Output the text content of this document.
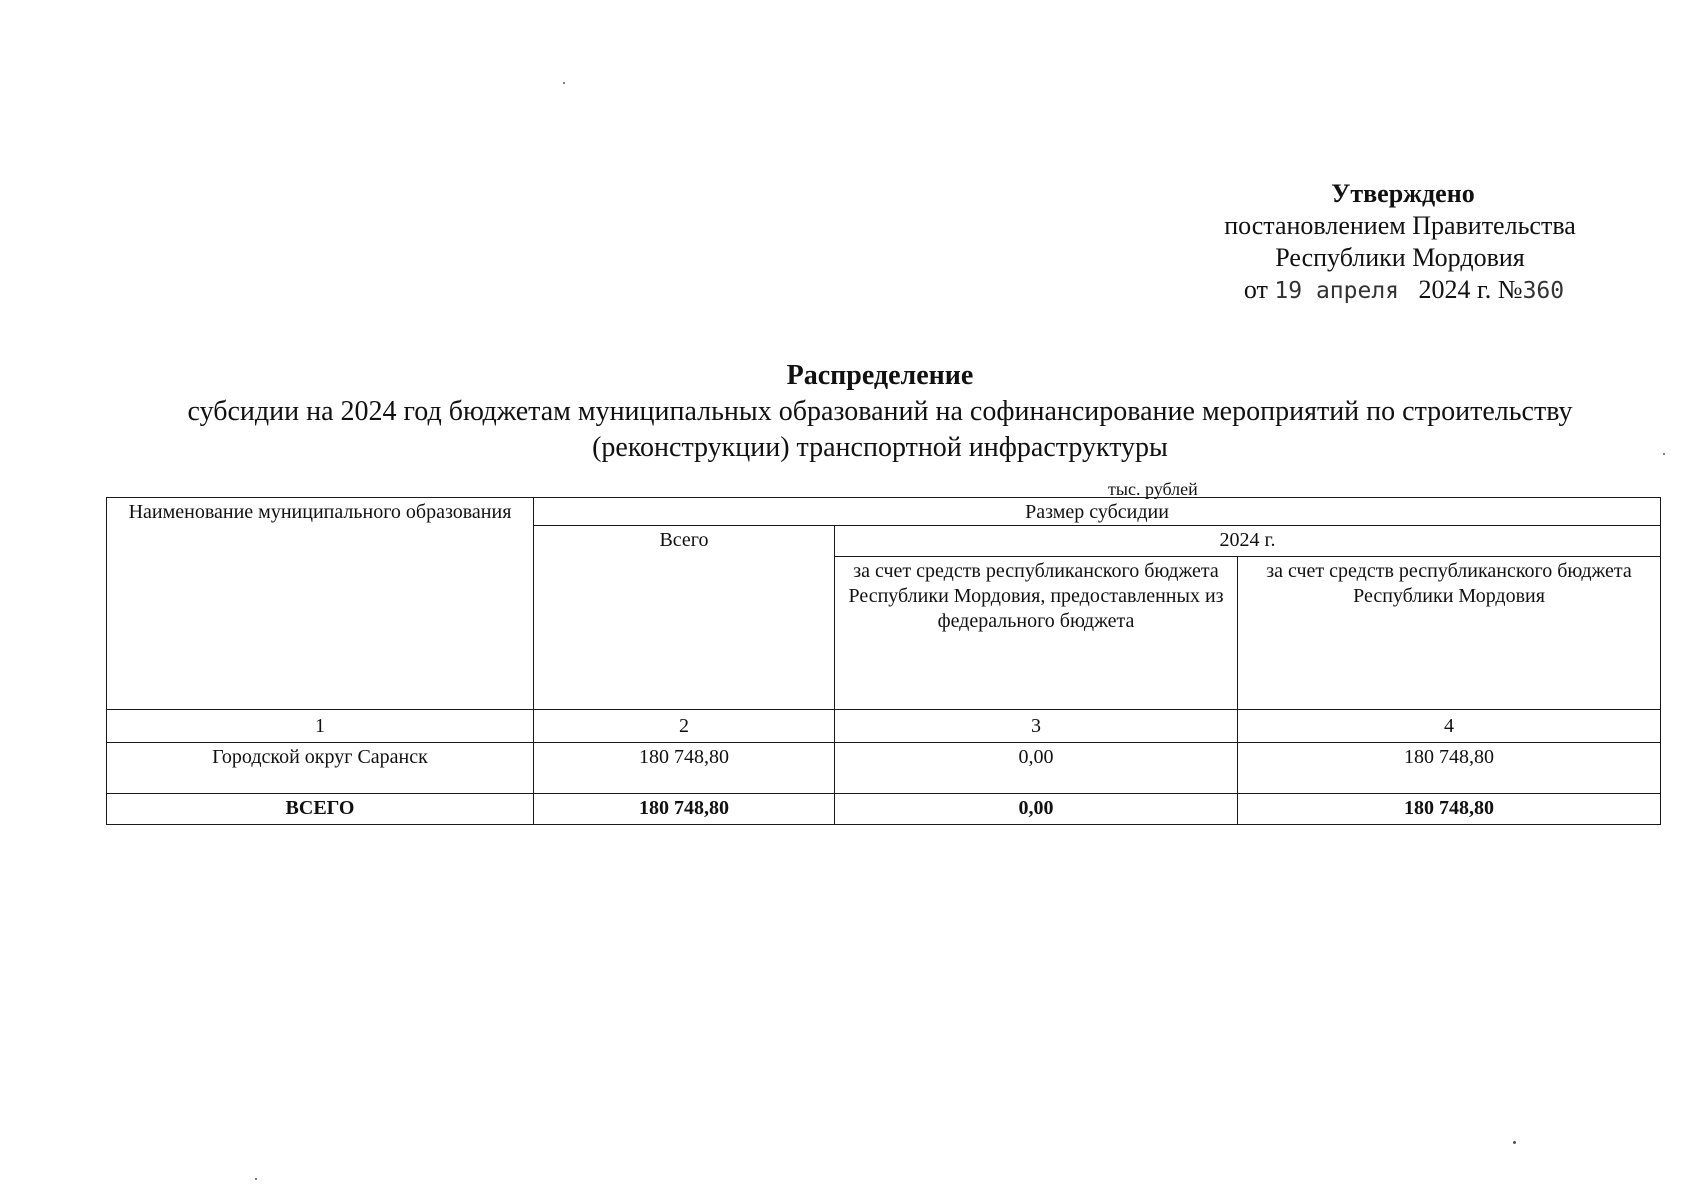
Утверждено
постановлением Правительства
Республики Мордовия
от 19 апреля 2024 г. №360
Распределение
субсидии на 2024 год бюджетам муниципальных образований на софинансирование мероприятий по строительству
(реконструкции) транспортной инфраструктуры
тыс. рублей
Наименование муниципального образования	Размер субсидии		
	Всего	2024 г.	
		за счет средств республиканского бюджета Республики Мордовия, предоставленных из федерального бюджета	за счет средств республиканского бюджета Республики Мордовия
1	2	3	4
Городской округ Саранск	180 748,80	0,00	180 748,80
ВСЕГО	180 748,80	0,00	180 748,80
